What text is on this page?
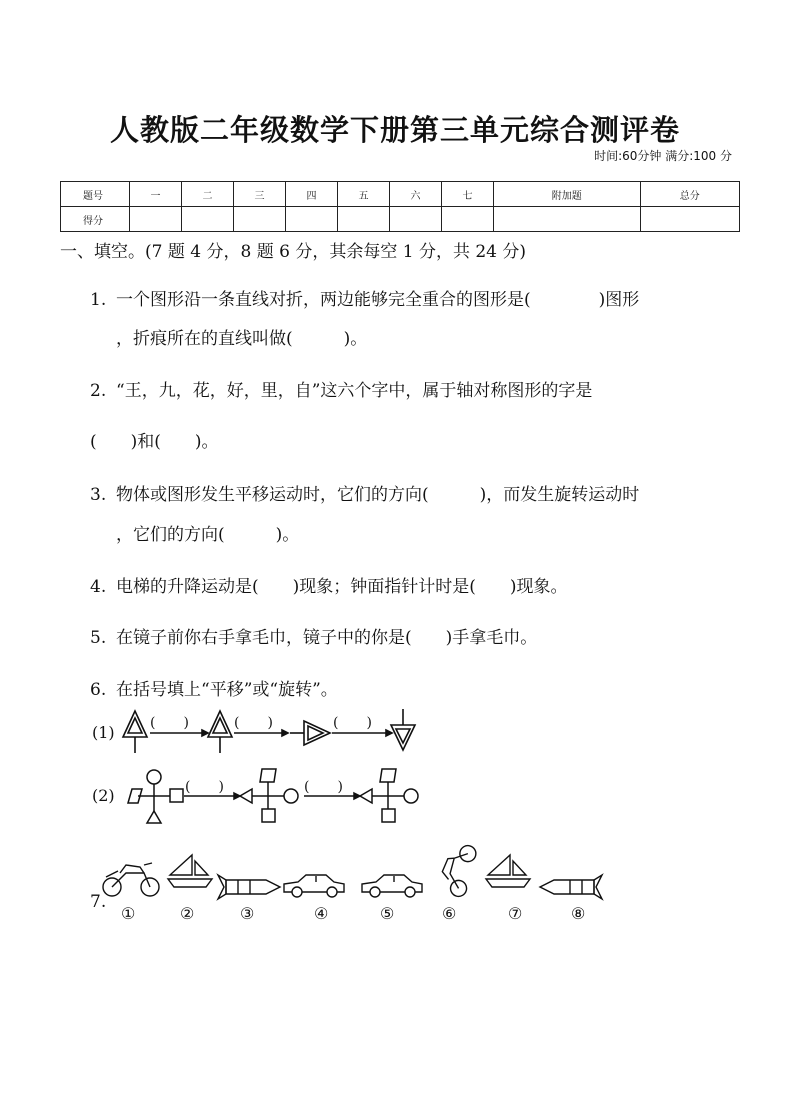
人教版二年级数学下册第三单元综合测评卷
时间:60分钟 满分:100 分
题号	一	二	三	四	五	六	七	附加题	总分
得分									
一、填空。(7 题 4 分，8 题 6 分，其余每空 1 分，共 24 分)
1. 一个图形沿一条直线对折，两边能够完全重合的图形是(　　　　)图形
，折痕所在的直线叫做(　　　)。
2. “王，九，花，好，里，自”这六个字中，属于轴对称图形的字是
(　　)和(　　)。
3. 物体或图形发生平移运动时，它们的方向(　　　)，而发生旋转运动时
，它们的方向(　　　)。
4. 电梯的升降运动是(　　)现象；钟面指针计时是(　　)现象。
5. 在镜子前你右手拿毛巾，镜子中的你是(　　)手拿毛巾。
6. 在括号填上“平移”或“旋转”。
(1)	(　　)	(　　)	(　　)
(2)	(　　)	(　　)
7.
①	②	③	④	⑤	⑥	⑦	⑧
